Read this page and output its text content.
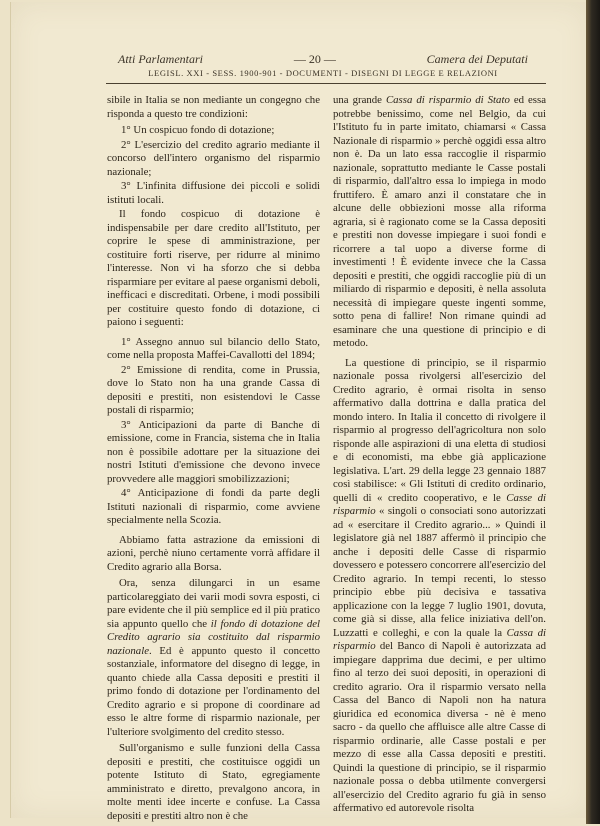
Atti Parlamentari	— 20 —	Camera dei Deputati
LEGISL. XXI - SESS. 1900-901 - DOCUMENTI - DISEGNI DI LEGGE E RELAZIONI

sibile in Italia se non mediante un congegno che risponda a questo tre condizioni:

1° Un cospicuo fondo di dotazione;

2° L'esercizio del credito agrario mediante il concorso dell'intero organismo del risparmio nazionale;

3° L'infinita diffusione dei piccoli e solidi istituti locali.

Il fondo cospicuo di dotazione è indispensabile per dare credito all'Istituto, per coprire le spese di amministrazione, per costituire forti riserve, per ridurre al minimo l'interesse. Non vi ha sforzo che si debba risparmiare per evitare al paese organismi deboli, inefficaci e discreditati. Orbene, i modi possibili per costituire questo fondo di dotazione, ci paiono i seguenti:

1° Assegno annuo sul bilancio dello Stato, come nella proposta Maffei-Cavallotti del 1894;

2° Emissione di rendita, come in Prussia, dove lo Stato non ha una grande Cassa di depositi e prestiti, non esistendovi le Casse postali di risparmio;

3° Anticipazioni da parte di Banche di emissione, come in Francia, sistema che in Italia non è possibile adottare per la situazione dei nostri Istituti d'emissione che devono invece provvedere alle maggiori smobilizzazioni;

4° Anticipazione di fondi da parte degli Istituti nazionali di risparmio, come avviene specialmente nella Scozia.

Abbiamo fatta astrazione da emissioni di azioni, perchè niuno certamente vorrà affidare il Credito agrario alla Borsa.

Ora, senza dilungarci in un esame particolareggiato dei varii modi sovra esposti, ci pare evidente che il più semplice ed il più pratico sia appunto quello che il fondo di dotazione del Credito agrario sia costituito dal risparmio nazionale. Ed è appunto questo il concetto sostanziale, informatore del disegno di legge, in quanto chiede alla Cassa depositi e prestiti il primo fondo di dotazione per l'ordinamento del Credito agrario e si propone di coordinare ad esso le altre forme di risparmio nazionale, per l'ulteriore svolgimento del credito stesso.

Sull'organismo e sulle funzioni della Cassa depositi e prestiti, che costituisce oggidì un potente Istituto di Stato, egregiamente amministrato e diretto, prevalgono ancora, in molte menti idee incerte e confuse. La Cassa depositi e prestiti altro non è che

una grande Cassa di risparmio di Stato ed essa potrebbe benissimo, come nel Belgio, da cui l'Istituto fu in parte imitato, chiamarsi « Cassa Nazionale di risparmio » perchè oggidì essa altro non è. Da un lato essa raccoglie il risparmio nazionale, soprattutto mediante le Casse postali di risparmio, dall'altro essa lo impiega in modo fruttifero. È amaro anzi il constatare che in alcune delle obbiezioni mosse alla riforma agraria, si è ragionato come se la Cassa depositi e prestiti non dovesse impiegare i suoi fondi e ricorrere a tal uopo a diverse forme di investimenti ! È evidente invece che la Cassa depositi e prestiti, che oggidì raccoglie più di un miliardo di risparmio e depositi, è nella assoluta necessità di impiegare queste ingenti somme, sotto pena di fallire! Non rimane quindi ad esaminare che una questione di principio e di metodo.

La questione di principio, se il risparmio nazionale possa rivolgersi all'esercizio del Credito agrario, è ormai risolta in senso affermativo dalla dottrina e dalla pratica del mondo intero. In Italia il concetto di rivolgere il risparmio al progresso dell'agricoltura non solo risponde alle aspirazioni di una eletta di studiosi e di economisti, ma ebbe già applicazione legislativa. L'art. 29 della legge 23 gennaio 1887 così stabilisce: « Gli Istituti di credito ordinario, quelli di « credito cooperativo, e le Casse di risparmio « singoli o consociati sono autorizzati ad « esercitare il Credito agrario... » Quindi il legislatore già nel 1887 affermò il principio che anche i depositi delle Casse di risparmio dovessero e potessero concorrere all'esercizio del Credito agrario. In tempi recenti, lo stesso principio ebbe più decisiva e tassativa applicazione con la legge 7 luglio 1901, dovuta, come già si disse, alla felice iniziativa dell'on. Luzzatti e colleghi, e con la quale la Cassa di risparmio del Banco di Napoli è autorizzata ad impiegare dapprima due decimi, e per ultimo fino al terzo dei suoi depositi, in operazioni di credito agrario. Ora il risparmio versato nella Cassa del Banco di Napoli non ha natura giuridica ed economica diversa - nè è meno sacro - da quello che affluisce alle altre Casse di risparmio ordinarie, alle Casse postali e per mezzo di esse alla Cassa depositi e prestiti. Quindi la questione di principio, se il risparmio nazionale possa o debba utilmente convergersi all'esercizio del Credito agrario fu già in senso affermativo ed autorevole risolta
